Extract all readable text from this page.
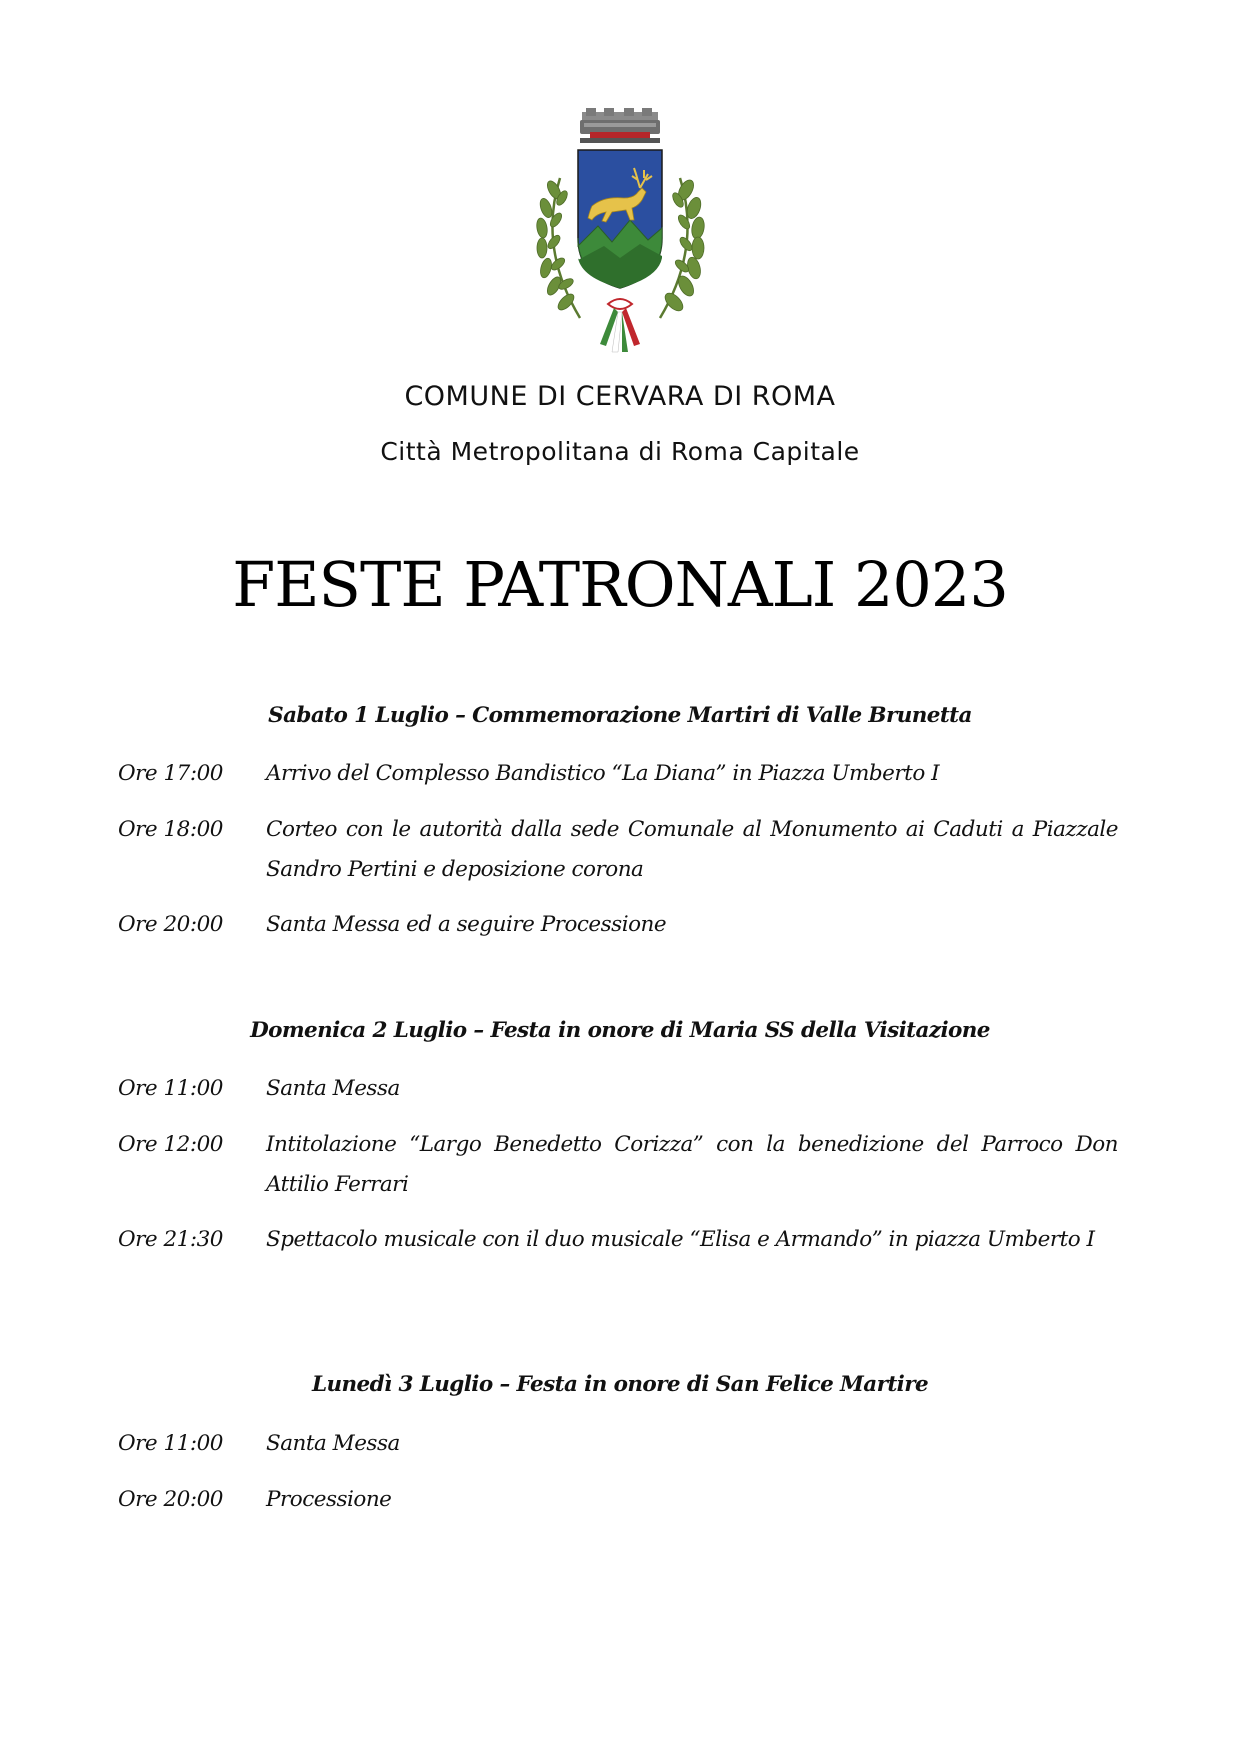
COMUNE DI CERVARA DI ROMA
Città Metropolitana di Roma Capitale
FESTE PATRONALI 2023

Sabato 1 Luglio – Commemorazione Martiri di Valle Brunetta

Ore 17:00 Arrivo del Complesso Bandistico “La Diana” in Piazza Umberto I
Ore 18:00 Corteo con le autorità dalla sede Comunale al Monumento ai Caduti a Piazzale Sandro Pertini e deposizione corona
Ore 20:00 Santa Messa ed a seguire Processione

Domenica 2 Luglio – Festa in onore di Maria SS della Visitazione

Ore 11:00 Santa Messa
Ore 12:00 Intitolazione “Largo Benedetto Corizza” con la benedizione del Parroco Don Attilio Ferrari
Ore 21:30 Spettacolo musicale con il duo musicale “Elisa e Armando” in piazza Umberto I

Lunedì 3 Luglio – Festa in onore di San Felice Martire

Ore 11:00 Santa Messa
Ore 20:00 Processione
